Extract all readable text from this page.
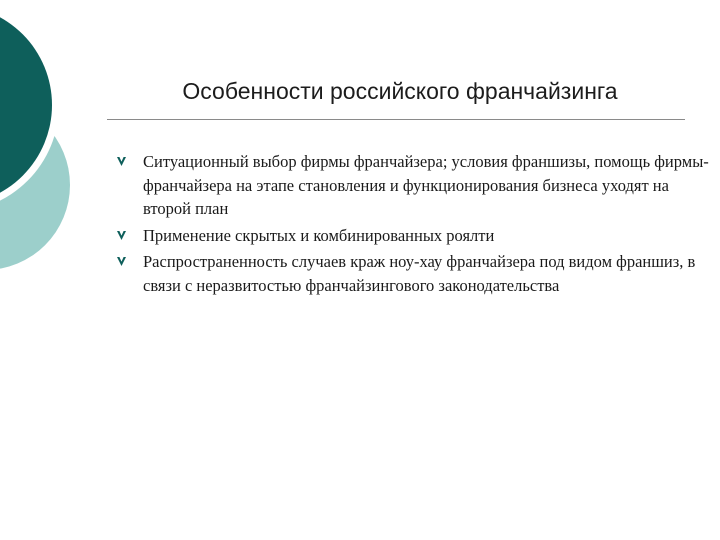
Особенности российского франчайзинга
Ситуационный выбор фирмы франчайзера; условия франшизы, помощь фирмы-франчайзера на этапе становления и функционирования бизнеса уходят на второй план
Применение скрытых и комбинированных роялти
Распространенность случаев краж ноу-хау франчайзера под видом франшиз, в связи с неразвитостью франчайзингового законодательства
